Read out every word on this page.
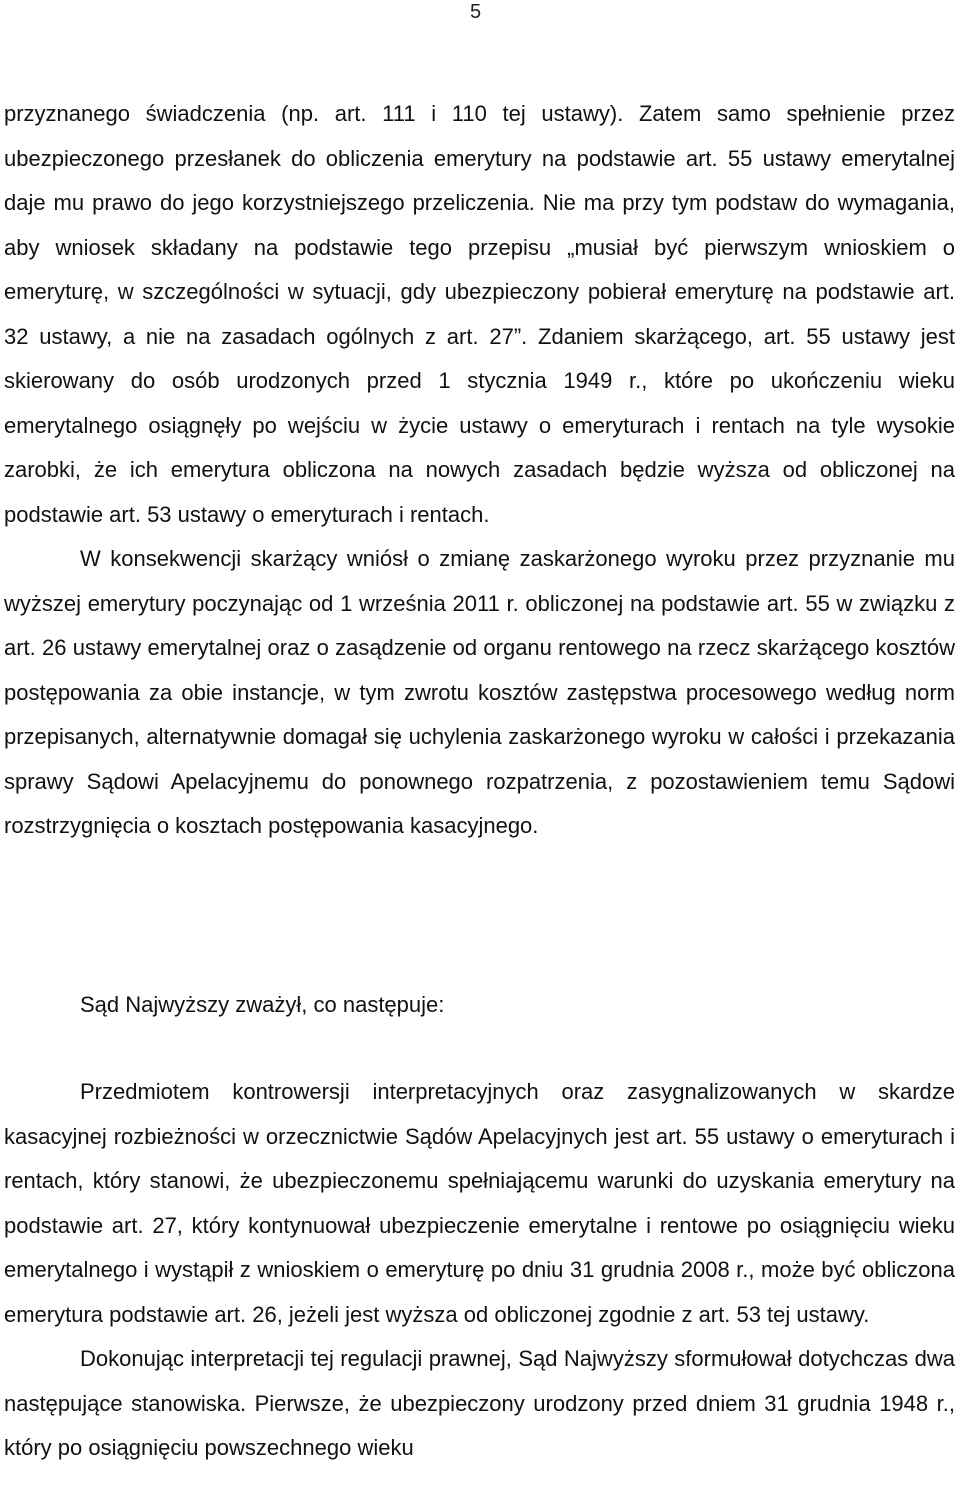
5

przyznanego świadczenia (np. art. 111 i 110 tej ustawy). Zatem samo spełnienie przez ubezpieczonego przesłanek do obliczenia emerytury na podstawie art. 55 ustawy emerytalnej daje mu prawo do jego korzystniejszego przeliczenia. Nie ma przy tym podstaw do wymagania, aby wniosek składany na podstawie tego przepisu „musiał być pierwszym wnioskiem o emeryturę, w szczególności w sytuacji, gdy ubezpieczony pobierał emeryturę na podstawie art. 32 ustawy, a nie na zasadach ogólnych z art. 27”. Zdaniem skarżącego, art. 55 ustawy jest skierowany do osób urodzonych przed 1 stycznia 1949 r., które po ukończeniu wieku emerytalnego osiągnęły po wejściu w życie ustawy o emeryturach i rentach na tyle wysokie zarobki, że ich emerytura obliczona na nowych zasadach będzie wyższa od obliczonej na podstawie art. 53 ustawy o emeryturach i rentach.

W konsekwencji skarżący wniósł o zmianę zaskarżonego wyroku przez przyznanie mu wyższej emerytury poczynając od 1 września 2011 r. obliczonej na podstawie art. 55 w związku z art. 26 ustawy emerytalnej oraz o zasądzenie od organu rentowego na rzecz skarżącego kosztów postępowania za obie instancje, w tym zwrotu kosztów zastępstwa procesowego według norm przepisanych, alternatywnie domagał się uchylenia zaskarżonego wyroku w całości i przekazania sprawy Sądowi Apelacyjnemu do ponownego rozpatrzenia, z pozostawieniem temu Sądowi rozstrzygnięcia o kosztach postępowania kasacyjnego.

Sąd Najwyższy zważył, co następuje:

Przedmiotem kontrowersji interpretacyjnych oraz zasygnalizowanych w skardze kasacyjnej rozbieżności w orzecznictwie Sądów Apelacyjnych jest art. 55 ustawy o emeryturach i rentach, który stanowi, że ubezpieczonemu spełniającemu warunki do uzyskania emerytury na podstawie art. 27, który kontynuował ubezpieczenie emerytalne i rentowe po osiągnięciu wieku emerytalnego i wystąpił z wnioskiem o emeryturę po dniu 31 grudnia 2008 r., może być obliczona emerytura podstawie art. 26, jeżeli jest wyższa od obliczonej zgodnie z art. 53 tej ustawy.

Dokonując interpretacji tej regulacji prawnej, Sąd Najwyższy sformułował dotychczas dwa następujące stanowiska. Pierwsze, że ubezpieczony urodzony przed dniem 31 grudnia 1948 r., który po osiągnięciu powszechnego wieku
